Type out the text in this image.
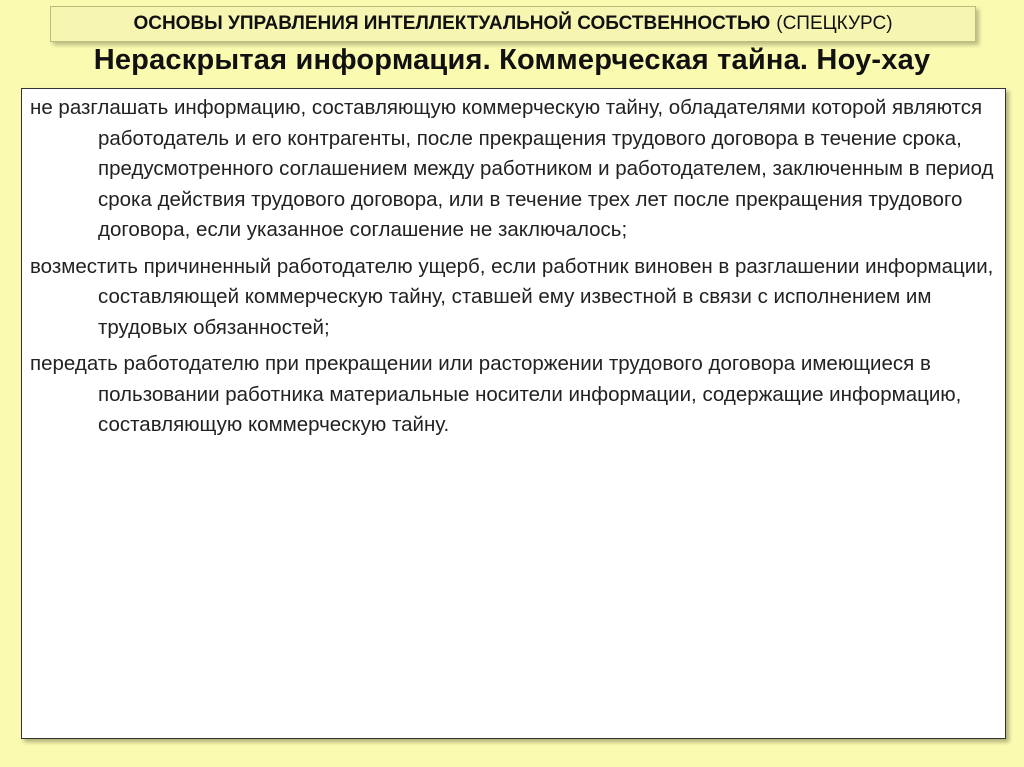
ОСНОВЫ УПРАВЛЕНИЯ ИНТЕЛЛЕКТУАЛЬНОЙ СОБСТВЕННОСТЬЮ (СПЕЦКУРС)
Нераскрытая информация. Коммерческая тайна. Ноу-хау

не разглашать информацию, составляющую коммерческую тайну, обладателями которой являются работодатель и его контрагенты, после прекращения трудового договора в течение срока, предусмотренного соглашением между работником и работодателем, заключенным в период срока действия трудового договора, или в течение трех лет после прекращения трудового договора, если указанное соглашение не заключалось;

возместить причиненный работодателю ущерб, если работник виновен в разглашении информации, составляющей коммерческую тайну, ставшей ему известной в связи с исполнением им трудовых обязанностей;

передать работодателю при прекращении или расторжении трудового договора имеющиеся в пользовании работника материальные носители информации, содержащие информацию, составляющую коммерческую тайну.
